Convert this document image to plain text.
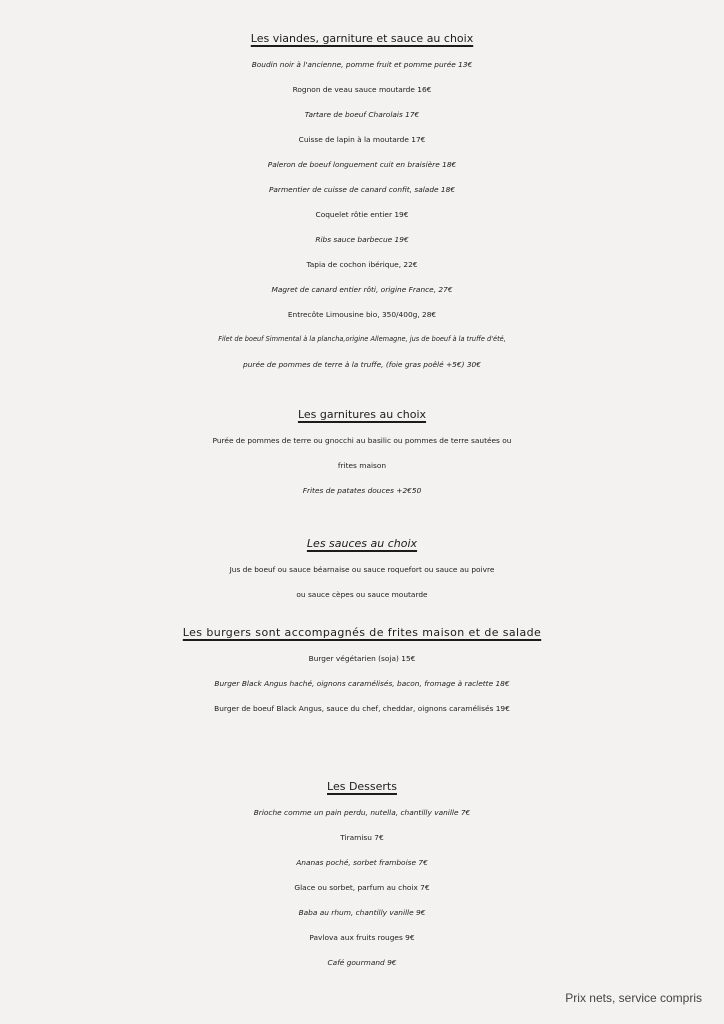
Les viandes, garniture et sauce au choix
Boudin noir à l'ancienne, pomme fruit et pomme purée 13€
Rognon de veau sauce moutarde 16€
Tartare de boeuf Charolais 17€
Cuisse de lapin à la moutarde 17€
Paleron de boeuf longuement cuit en braisière 18€
Parmentier de cuisse de canard confit, salade 18€
Coquelet rôtie entier 19€
Ribs sauce barbecue 19€
Tapia de cochon ibérique, 22€
Magret de canard entier rôti, origine France, 27€
Entrecôte Limousine bio, 350/400g, 28€
Filet de boeuf Simmental à la plancha,origine Allemagne, jus de boeuf à la truffe d'été,
purée de pommes de terre à la truffe, (foie gras poêlé +5€) 30€
Les garnitures au choix
Purée de pommes de terre ou gnocchi au basilic ou pommes de terre sautées ou
frites maison
Frites de patates douces +2€50
Les sauces au choix
Jus de boeuf ou sauce béarnaise ou sauce roquefort ou sauce au poivre
ou sauce cèpes ou sauce moutarde
Les burgers sont accompagnés de frites maison et de salade
Burger végétarien (soja) 15€
Burger Black Angus haché, oignons caramélisés, bacon, fromage à raclette 18€
Burger de boeuf Black Angus, sauce du chef, cheddar, oignons caramélisés 19€
Les Desserts
Brioche comme un pain perdu, nutella, chantilly vanille 7€
Tiramisu 7€
Ananas poché, sorbet framboise 7€
Glace ou sorbet, parfum au choix 7€
Baba au rhum, chantilly vanille 9€
Pavlova aux fruits rouges 9€
Café gourmand 9€
Prix nets, service compris
